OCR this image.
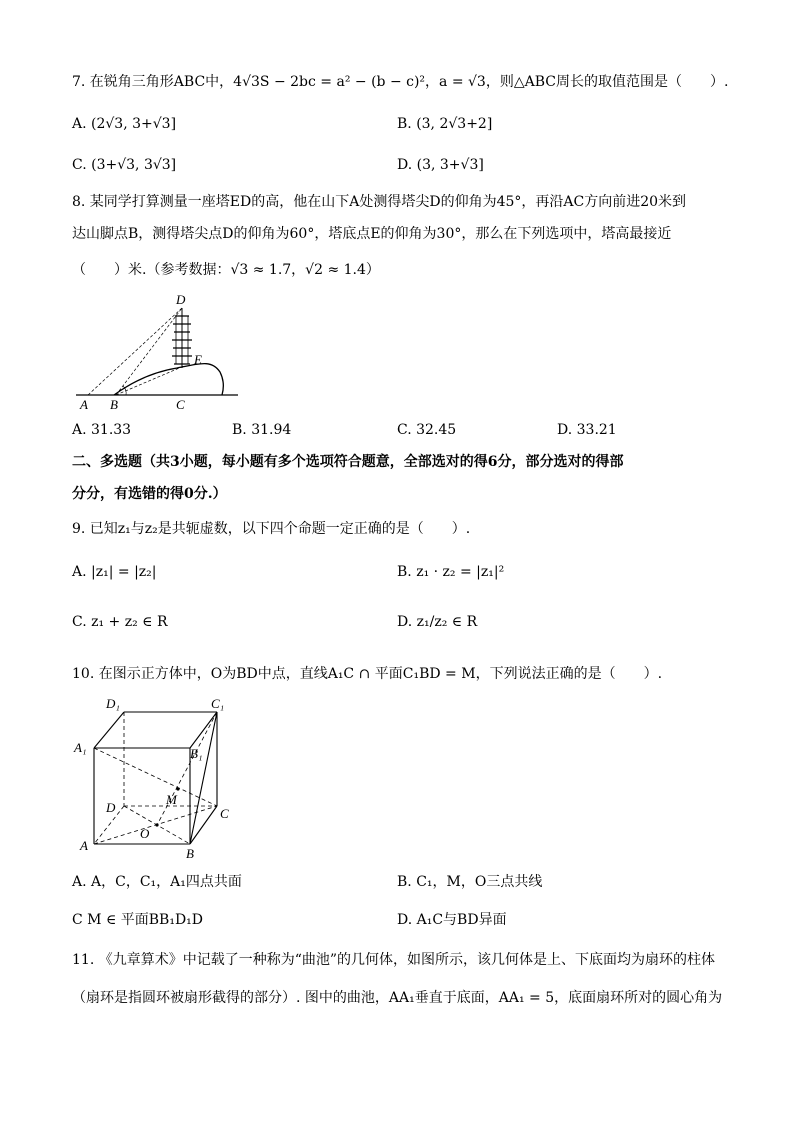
7. 在锐角三角形ABC中，4√3S − 2bc = a² − (b − c)²，a = √3，则△ABC周长的取值范围是（　　）.
A. (2√3, 3+√3]	B. (3, 2√3+2]
C. (3+√3, 3√3]	D. (3, 3+√3]
8. 某同学打算测量一座塔ED的高，他在山下A处测得塔尖D的仰角为45°，再沿AC方向前进20米到
达山脚点B，测得塔尖点D的仰角为60°，塔底点E的仰角为30°，那么在下列选项中，塔高最接近
（　　）米.（参考数据：√3 ≈ 1.7，√2 ≈ 1.4）
D
E
A B	C
A. 31.33	B. 31.94	C. 32.45	D. 33.21
二、多选题（共3小题，每小题有多个选项符合题意，全部选对的得6分，部分选对的得部
分分，有选错的得0分.）
9. 已知z₁与z₂是共轭虚数，以下四个命题一定正确的是（　　）.
A. |z₁| = |z₂|	B. z₁ · z₂ = |z₁|²
C. z₁ + z₂ ∈ R	D. z₁/z₂ ∈ R
10. 在图示正方体中，O为BD中点，直线A₁C ∩ 平面C₁BD = M，下列说法正确的是（　　）.
D₁	C₁
A₁	B₁
D
M
C
O
A
B
A. A，C，C₁，A₁四点共面	B. C₁，M，O三点共线
C M ∈ 平面BB₁D₁D	D. A₁C与BD异面
11. 《九章算术》中记载了一种称为“曲池”的几何体，如图所示，该几何体是上、下底面均为扇环的柱体
（扇环是指圆环被扇形截得的部分）. 图中的曲池，AA₁垂直于底面，AA₁ = 5，底面扇环所对的圆心角为
